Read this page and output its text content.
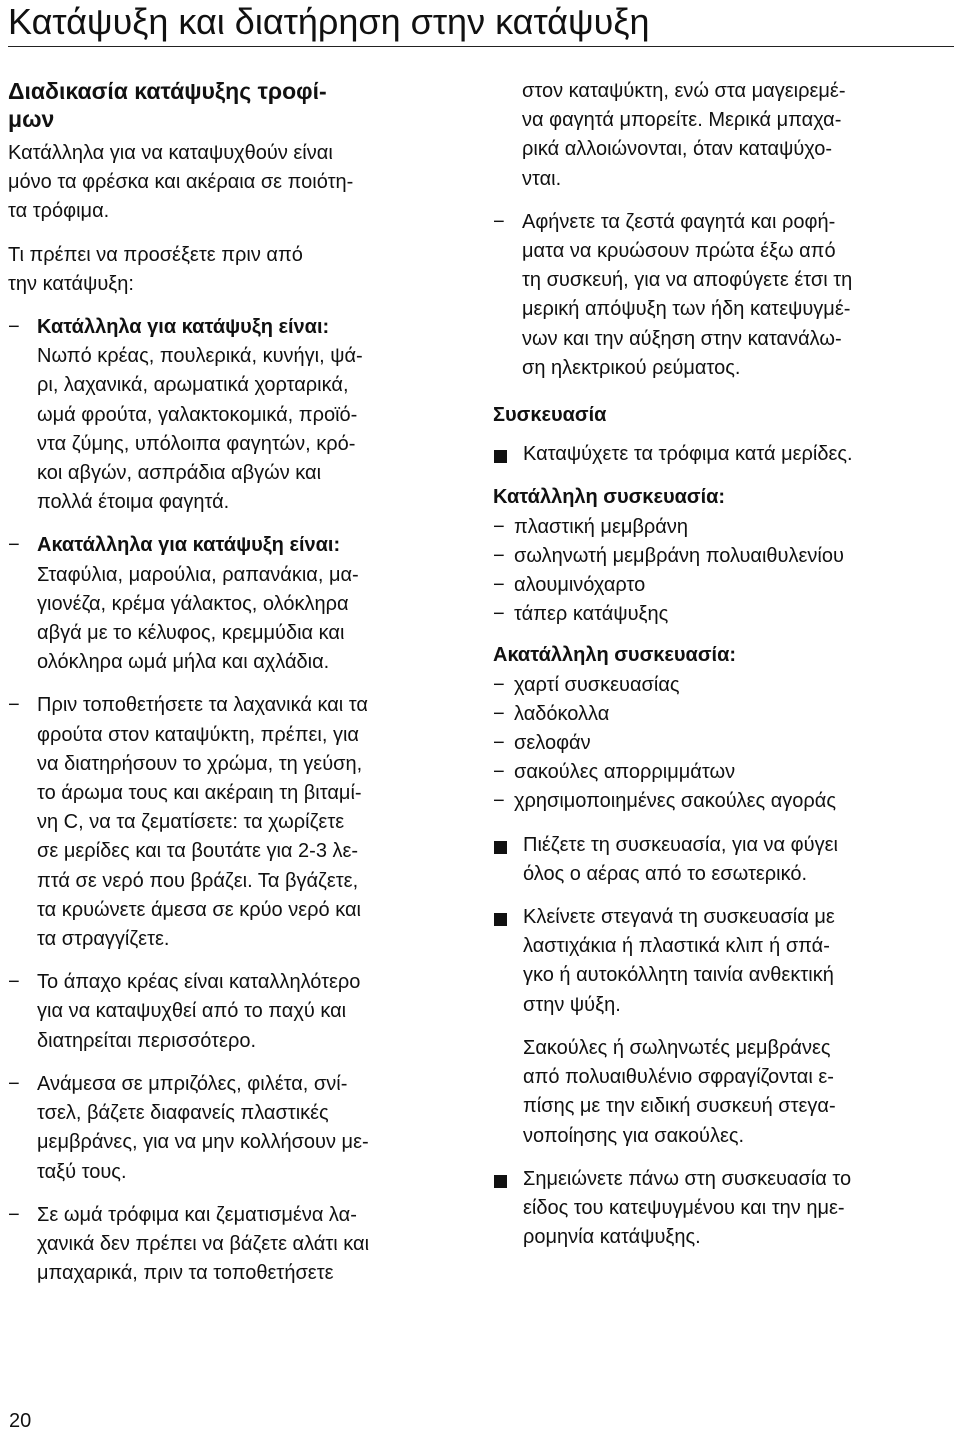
Κατάψυξη και διατήρηση στην κατάψυξη
Διαδικασία κατάψυξης τροφί-
μων

Κατάλληλα για να καταψυχθούν είναι
μόνο τα φρέσκα και ακέραια σε ποιότη-
τα τρόφιμα.

Τι πρέπει να προσέξετε πριν από
την κατάψυξη:

− Κατάλληλα για κατάψυξη είναι:
Νωπό κρέας, πουλερικά, κυνήγι, ψά-
ρι, λαχανικά, αρωματικά χορταρικά,
ωμά φρούτα, γαλακτοκομικά, προϊό-
ντα ζύμης, υπόλοιπα φαγητών, κρό-
κοι αβγών, ασπράδια αβγών και
πολλά έτοιμα φαγητά.
− Ακατάλληλα για κατάψυξη είναι:
Σταφύλια, μαρούλια, ραπανάκια, μα-
γιονέζα, κρέμα γάλακτος, ολόκληρα
αβγά με το κέλυφος, κρεμμύδια και
ολόκληρα ωμά μήλα και αχλάδια.
− Πριν τοποθετήσετε τα λαχανικά και τα
φρούτα στον καταψύκτη, πρέπει, για
να διατηρήσουν το χρώμα, τη γεύση,
το άρωμα τους και ακέραιη τη βιταμί-
νη C, να τα ζεματίσετε: τα χωρίζετε
σε μερίδες και τα βουτάτε για 2-3 λε-
πτά σε νερό που βράζει. Τα βγάζετε,
τα κρυώνετε άμεσα σε κρύο νερό και
τα στραγγίζετε.
− Το άπαχο κρέας είναι καταλληλότερο
για να καταψυχθεί από το παχύ και
διατηρείται περισσότερο.
− Ανάμεσα σε μπριζόλες, φιλέτα, σνί-
τσελ, βάζετε διαφανείς πλαστικές
μεμβράνες, για να μην κολλήσουν με-
ταξύ τους.
− Σε ωμά τρόφιμα και ζεματισμένα λα-
χανικά δεν πρέπει να βάζετε αλάτι και
μπαχαρικά, πριν τα τοποθετήσετε
στον καταψύκτη, ενώ στα μαγειρεμέ-
να φαγητά μπορείτε. Μερικά μπαχα-
ρικά αλλοιώνονται, όταν καταψύχο-
νται.
− Αφήνετε τα ζεστά φαγητά και ροφή-
ματα να κρυώσουν πρώτα έξω από
τη συσκευή, για να αποφύγετε έτσι τη
μερική απόψυξη των ήδη κατεψυγμέ-
νων και την αύξηση στην κατανάλω-
ση ηλεκτρικού ρεύματος.
Συσκευασία
Καταψύχετε τα τρόφιμα κατά μερίδες.
Κατάλληλη συσκευασία:
− πλαστική μεμβράνη
− σωληνωτή μεμβράνη πολυαιθυλενίου
− αλουμινόχαρτο
− τάπερ κατάψυξης
Ακατάλληλη συσκευασία:
− χαρτί συσκευασίας
− λαδόκολλα
− σελοφάν
− σακούλες απορριμμάτων
− χρησιμοποιημένες σακούλες αγοράς
Πιέζετε τη συσκευασία, για να φύγει
όλος ο αέρας από το εσωτερικό.
Κλείνετε στεγανά τη συσκευασία με
λαστιχάκια ή πλαστικά κλιπ ή σπά-
γκο ή αυτοκόλλητη ταινία ανθεκτική
στην ψύξη.
Σακούλες ή σωληνωτές μεμβράνες
από πολυαιθυλένιο σφραγίζονται ε-
πίσης με την ειδική συσκευή στεγα-
νοποίησης για σακούλες.
Σημειώνετε πάνω στη συσκευασία το
είδος του κατεψυγμένου και την ημε-
ρομηνία κατάψυξης.
20
